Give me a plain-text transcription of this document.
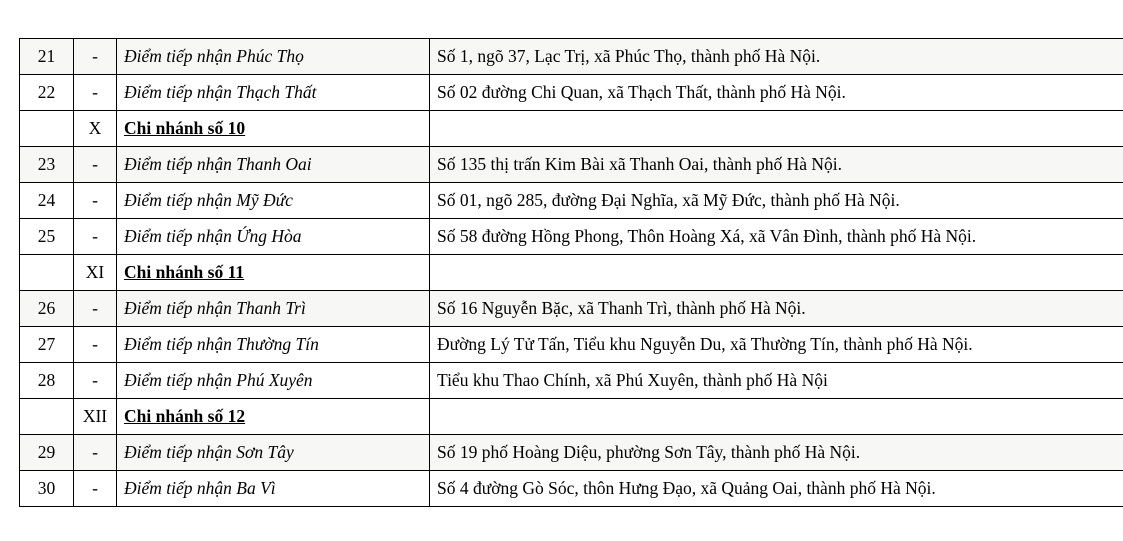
21	-	Điểm tiếp nhận Phúc Thọ	Số 1, ngõ 37, Lạc Trị, xã Phúc Thọ, thành phố Hà Nội.
22	-	Điểm tiếp nhận Thạch Thất	Số 02 đường Chi Quan, xã Thạch Thất, thành phố Hà Nội.
	X	Chi nhánh số 10	
23	-	Điểm tiếp nhận Thanh Oai	Số 135 thị trấn Kim Bài xã Thanh Oai, thành phố Hà Nội.
24	-	Điểm tiếp nhận Mỹ Đức	Số 01, ngõ 285, đường Đại Nghĩa, xã Mỹ Đức, thành phố Hà Nội.
25	-	Điểm tiếp nhận Ứng Hòa	Số 58 đường Hồng Phong, Thôn Hoàng Xá, xã Vân Đình, thành phố Hà Nội.
	XI	Chi nhánh số 11	
26	-	Điểm tiếp nhận Thanh Trì	Số 16 Nguyễn Bặc, xã Thanh Trì, thành phố Hà Nội.
27	-	Điểm tiếp nhận Thường Tín	Đường Lý Tử Tấn, Tiểu khu Nguyễn Du, xã Thường Tín, thành phố Hà Nội.
28	-	Điểm tiếp nhận Phú Xuyên	Tiểu khu Thao Chính, xã Phú Xuyên, thành phố Hà Nội
	XII	Chi nhánh số 12	
29	-	Điểm tiếp nhận Sơn Tây	Số 19 phố Hoàng Diệu, phường Sơn Tây, thành phố Hà Nội.
30	-	Điểm tiếp nhận Ba Vì	Số 4 đường Gò Sóc, thôn Hưng Đạo, xã Quảng Oai, thành phố Hà Nội.
